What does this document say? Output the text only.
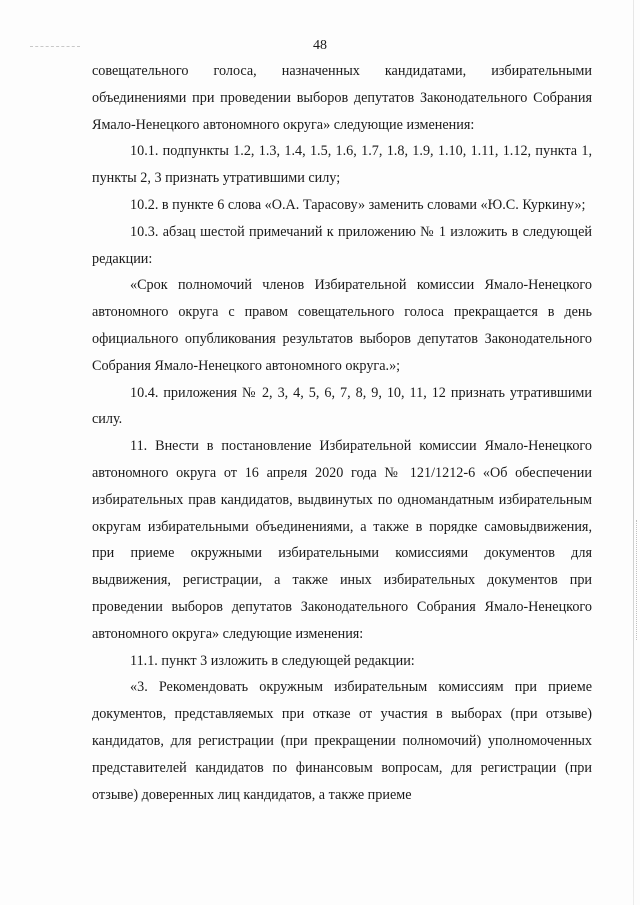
48

совещательного голоса, назначенных кандидатами, избирательными объединениями при проведении выборов депутатов Законодательного Собрания Ямало-Ненецкого автономного округа» следующие изменения:

10.1. подпункты 1.2, 1.3, 1.4, 1.5, 1.6, 1.7, 1.8, 1.9, 1.10, 1.11, 1.12, пункта 1, пункты 2, 3 признать утратившими силу;

10.2. в пункте 6 слова «О.А. Тарасову» заменить словами «Ю.С. Куркину»;

10.3. абзац шестой примечаний к приложению № 1 изложить в следующей редакции:

«Срок полномочий членов Избирательной комиссии Ямало-Ненецкого автономного округа с правом совещательного голоса прекращается в день официального опубликования результатов выборов депутатов Законодательного Собрания Ямало-Ненецкого автономного округа.»;

10.4. приложения № 2, 3, 4, 5, 6, 7, 8, 9, 10, 11, 12 признать утратившими силу.

11. Внести в постановление Избирательной комиссии Ямало-Ненецкого автономного округа от 16 апреля 2020 года № 121/1212-6 «Об обеспечении избирательных прав кандидатов, выдвинутых по одномандатным избирательным округам избирательными объединениями, а также в порядке самовыдвижения, при приеме окружными избирательными комиссиями документов для выдвижения, регистрации, а также иных избирательных документов при проведении выборов депутатов Законодательного Собрания Ямало-Ненецкого автономного округа» следующие изменения:

11.1. пункт 3 изложить в следующей редакции:

«3. Рекомендовать окружным избирательным комиссиям при приеме документов, представляемых при отказе от участия в выборах (при отзыве) кандидатов, для регистрации (при прекращении полномочий) уполномоченных представителей кандидатов по финансовым вопросам, для регистрации (при отзыве) доверенных лиц кандидатов, а также приеме
